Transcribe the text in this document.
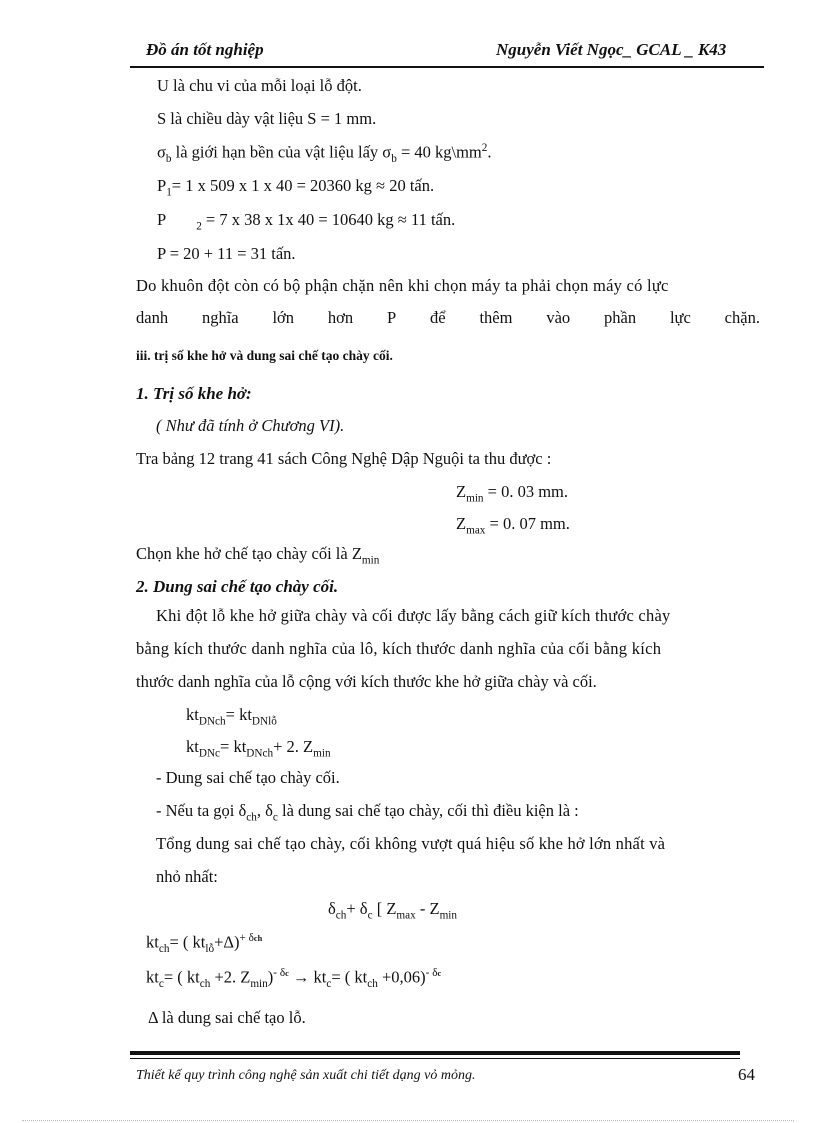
Đồ án tốt nghiệp	Nguyễn Viết Ngọc_ GCAL _ K43
U là chu vi của mỗi loại lỗ đột.
S là chiều dày vật liệu S = 1 mm.
$\sigma_b$ là giới hạn bền của vật liệu lấy $\sigma_b = 40$ $kg\backslash mm^2$.
$P_1= 1$ x 509 x 1 x 40 = 20360 kg ≈ 20 tấn.
P	$_2$ = 7 x 38 x 1x 40 = 10640 kg ≈ 11 tấn.
P = 20 + 11 = 31 tấn.
Do khuôn đột còn có bộ phận chặn nên khi chọn máy ta phải chọn máy có lực
danh nghĩa lớn hơn P để thêm vào phần lực chặn.
iii. trị số khe hở và dung sai chế tạo chày cối.
1. Trị số khe hở:
( Như đã tính ở Chương VI).
Tra bảng 12 trang 41 sách Công Nghệ Dập Nguội ta thu được :
$Z_{min} = 0$. 03 mm.
$Z_{max} = 0$. 07 mm.
Chọn khe hở chế tạo chày cối là $Z_{min}$
2. Dung sai chế tạo chày cối.
Khi đột lỗ khe hở giữa chày và cối được lấy bằng cách giữ kích thước chày
bằng kích thước danh nghĩa của lô, kích thước danh nghĩa của cối bằng kích
thước danh nghĩa của lỗ cộng với kích thước khe hở giữa chày và cối.
$kt_{DNch}= kt_{DNlỗ}$
$kt_{DNc}= kt_{DNch}+ 2$. $Z_{min}$
- Dung sai chế tạo chày cối.
- Nếu ta gọi $\delta_{ch}$, $\delta_c$ là dung sai chế tạo chày, cối thì điều kiện là :
Tổng dung sai chế tạo chày, cối không vượt quá hiệu số khe hở lớn nhất và
nhỏ nhất:
$\delta_{ch}+ \delta_c$ [ $Z_{max} - Z_{min}$
$kt_{ch}=$ ( $kt_{lỗ}+\Delta)^{+ \delta ch}$
$kt_c=$ ( $kt_{ch} +2$. $Z_{min})^{- \delta c} \to kt_c=$ ( $kt_{ch} +0,06)^{- \delta c}$
Δ là dung sai chế tạo lỗ.
Thiết kế quy trình công nghệ sản xuất chi tiết dạng vỏ mỏng.	64
